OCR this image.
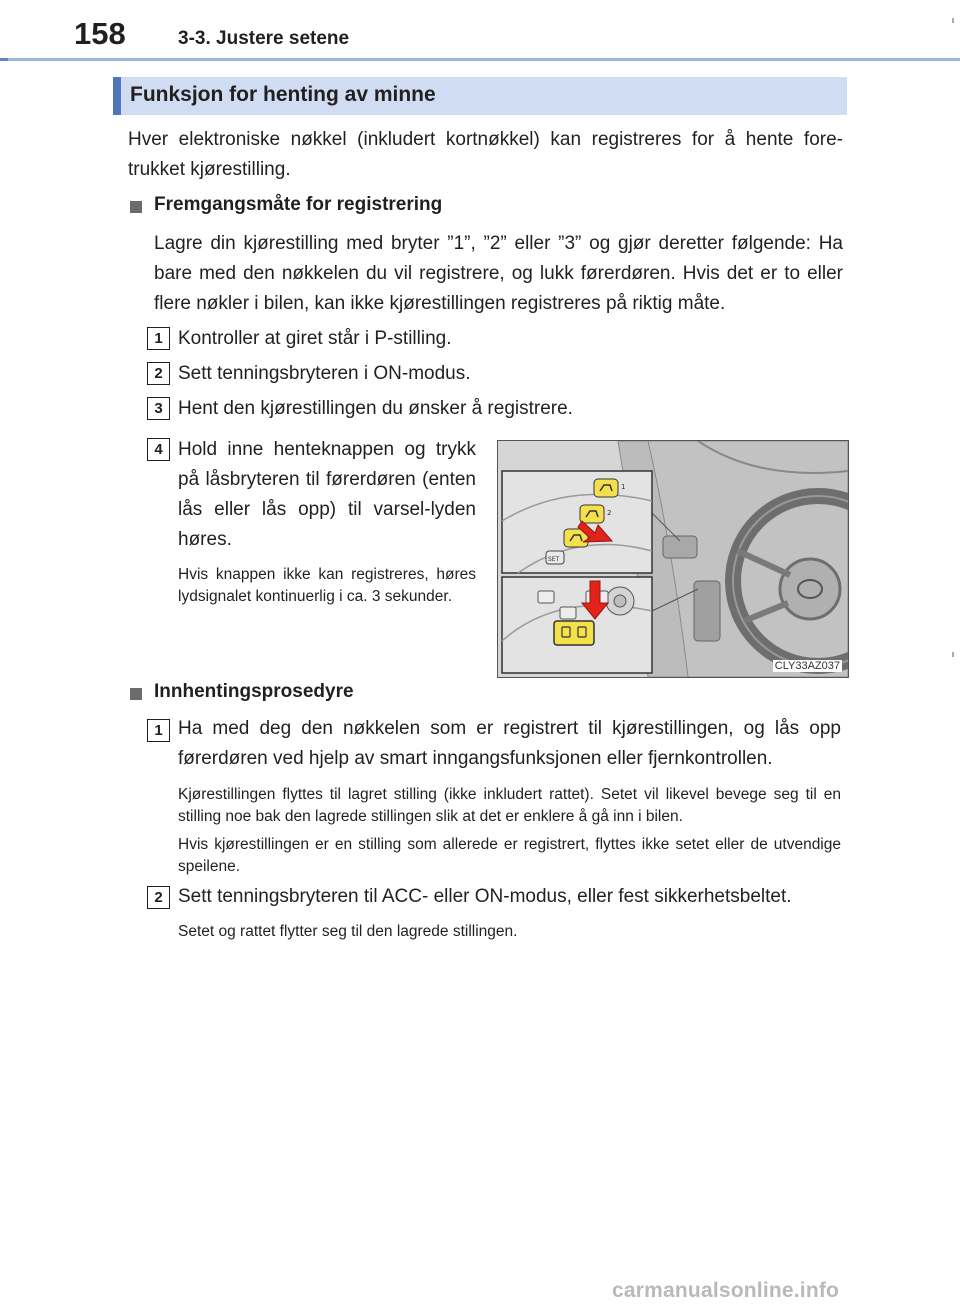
158	3-3. Justere setene
Funksjon for henting av minne

Hver elektroniske nøkkel (inkludert kortnøkkel) kan registreres for å hente fore-trukket kjørestilling.

Fremgangsmåte for registrering

Lagre din kjørestilling med bryter ”1”, ”2” eller ”3” og gjør deretter følgende: Ha bare med den nøkkelen du vil registrere, og lukk førerdøren. Hvis det er to eller flere nøkler i bilen, kan ikke kjørestillingen registreres på riktig måte.

1 Kontroller at giret står i P-stilling.

2 Sett tenningsbryteren i ON-modus.

3 Hent den kjørestillingen du ønsker å registrere.

4 Hold inne henteknappen og trykk på låsbryteren til førerdøren (enten lås eller lås opp) til varsel-lyden høres.

Hvis knappen ikke kan registreres, høres lydsignalet kontinuerlig i ca. 3 sekunder.

SET
1
2
CLY33AZ037
Innhentingsprosedyre
1 Ha med deg den nøkkelen som er registrert til kjørestillingen, og lås opp førerdøren ved hjelp av smart inngangsfunksjonen eller fjernkontrollen.

Kjørestillingen flyttes til lagret stilling (ikke inkludert rattet). Setet vil likevel bevege seg til en stilling noe bak den lagrede stillingen slik at det er enklere å gå inn i bilen.

Hvis kjørestillingen er en stilling som allerede er registrert, flyttes ikke setet eller de utvendige speilene.

2 Sett tenningsbryteren til ACC- eller ON-modus, eller fest sikkerhetsbeltet.

Setet og rattet flytter seg til den lagrede stillingen.

carmanualsonline.info
